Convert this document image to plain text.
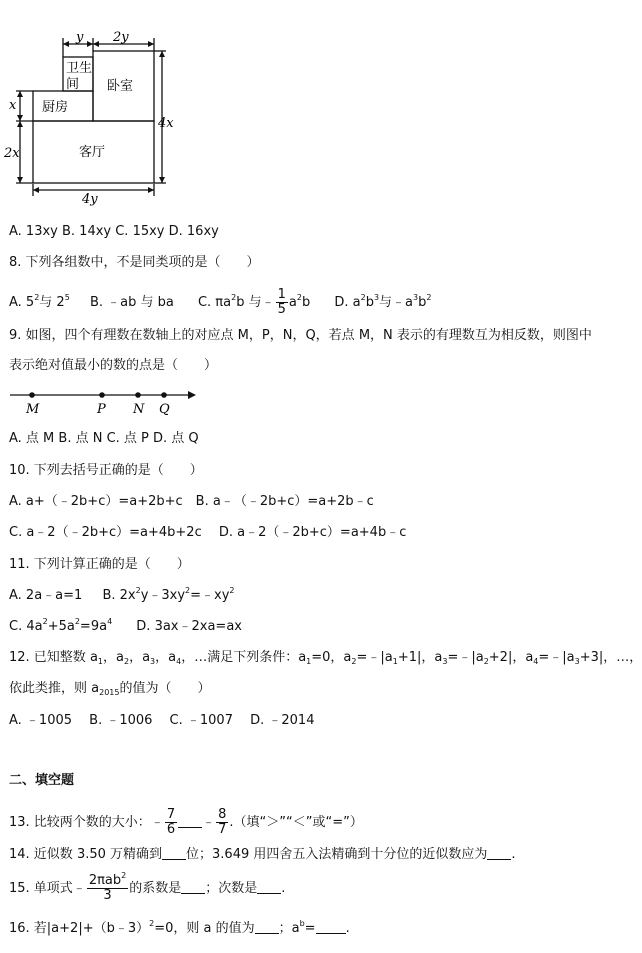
y 2y
卫生
间 卧室
厨房
客厅
x
2x
4x
4y
A. 13xy B. 14xy C. 15xy D. 16xy
8. 下列各组数中，不是同类项的是（　　）
A. $5^2$与 $2^5$ B. ﹣ab 与 ba C. $\pi a^2b$ 与﹣ $\frac{1}{5} a^2b$ D. $a^2b^3$与$﹣a^3b^2$
9. 如图，四个有理数在数轴上的对应点 M，P，N，Q，若点 M，N 表示的有理数互为相反数，则图中
表示绝对值最小的数的点是（　　）
M	P N Q
A. 点 M B. 点 N C. 点 P D. 点 Q
10. 下列去括号正确的是（　　）
A. a+（﹣2b+c）=a+2b+c　B. a﹣（﹣2b+c）=a+2b﹣c
C. a﹣2（﹣2b+c）=a+4b+2c　 D. a﹣2（﹣2b+c）=a+4b﹣c
11. 下列计算正确的是（　　）
A. 2a﹣a=1 B. $2x^2y﹣3xy^2=﹣xy^2$
C. $4a^2+5a^2=9a^4$ D. 3ax﹣2xa=ax
12. 已知整数 $a_1$，$a_2$，$a_3$，$a_4$，…满足下列条件：$a_1=0$，$a_2=﹣|a_1+1|$，$a_3=﹣|a_2+2|$，$a_4=﹣|a_3+3|$，…，
依此类推，则 $a_{2015}$的值为（　　）
A. ﹣1005　 B. ﹣1006　 C. ﹣1007　 D. ﹣2014
二、填空题
13. 比较两个数的大小：﹣ $\frac{7}{6}$ ﹣ $\frac{8}{7}$ .（填“＞”“＜”或“=”）
14. 近似数 3.50 万精确到 位；3.649 用四舍五入法精确到十分位的近似数应为 .
15. 单项式﹣ $\frac{2\pi ab^2}{3}$ 的系数是 ；次数是 .
16. 若|a+2|+（b﹣3）$^2$=0，则 a 的值为 ；$a^b=$ .
